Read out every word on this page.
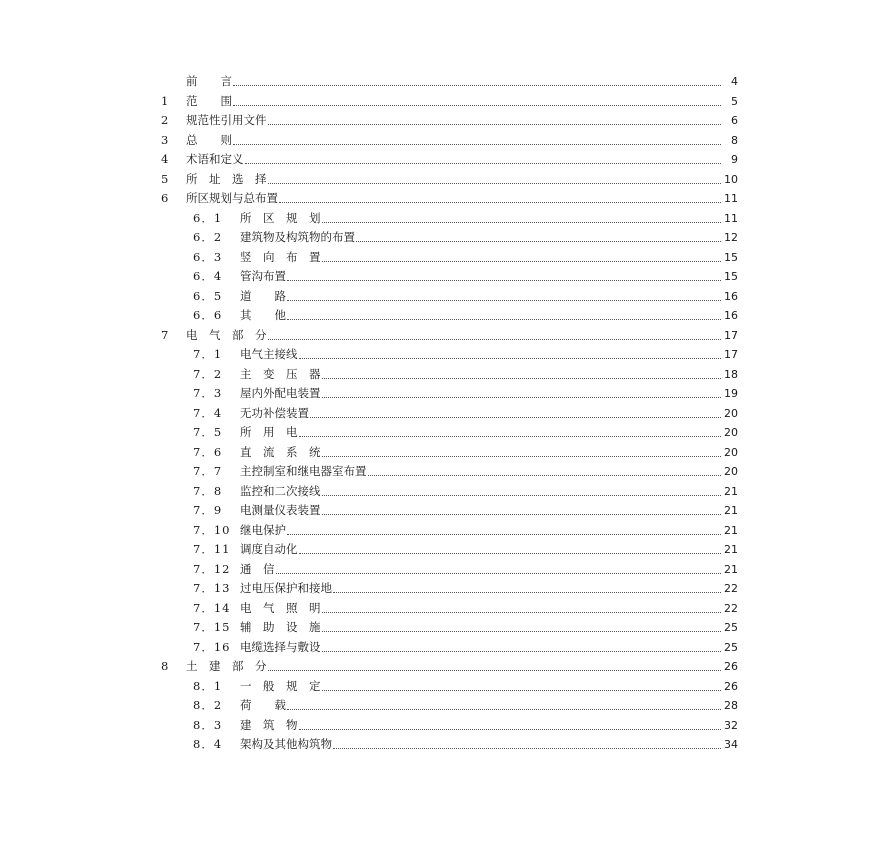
前　　言	4
1 范　　围	5
2 规范性引用文件	6
3 总　　则	8
4 术语和定义	9
5 所　址　选　择	10
6 所区规划与总布置	11
6．1 所　区　规　划	11
6．2 建筑物及构筑物的布置	12
6．3 竖　向　布　置	15
6．4 管沟布置	15
6．5 道　　路	16
6．6 其　　他	16
7 电　气　部　分	17
7．1 电气主接线	17
7．2 主　变　压　器	18
7．3 屋内外配电装置	19
7．4 无功补偿装置	20
7．5 所　用　电	20
7．6 直　流　系　统	20
7．7 主控制室和继电器室布置	20
7．8 监控和二次接线	21
7．9 电测量仪表装置	21
7．10 继电保护	21
7．11 调度自动化	21
7．12 通　信	21
7．13 过电压保护和接地	22
7．14 电　气　照　明	22
7．15 辅　助　设　施	25
7．16 电缆选择与敷设	25
8 土　建　部　分	26
8．1 一　般　规　定	26
8．2 荷　　载	28
8．3 建　筑　物	32
8．4 架构及其他构筑物	34
